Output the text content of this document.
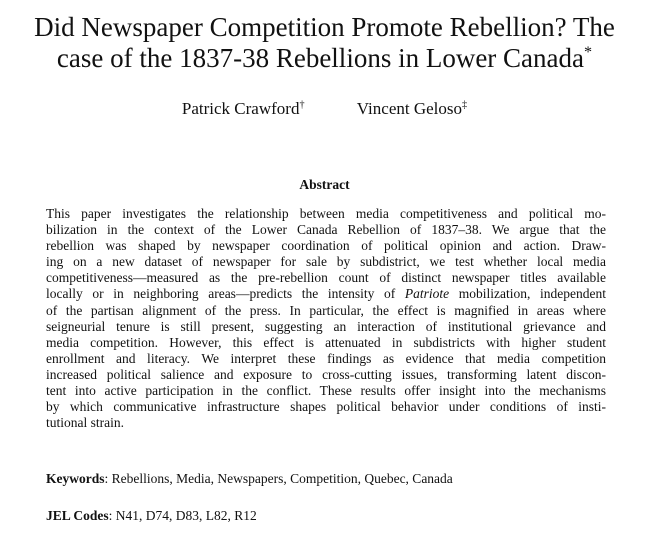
Did Newspaper Competition Promote Rebellion? The
case of the 1837-38 Rebellions in Lower Canada*
Patrick Crawford†	Vincent Geloso‡
Abstract
This paper investigates the relationship between media competitiveness and political mo-
bilization in the context of the Lower Canada Rebellion of 1837–38. We argue that the
rebellion was shaped by newspaper coordination of political opinion and action. Draw-
ing on a new dataset of newspaper for sale by subdistrict, we test whether local media
competitiveness—measured as the pre-rebellion count of distinct newspaper titles available
locally or in neighboring areas—predicts the intensity of Patriote mobilization, independent
of the partisan alignment of the press. In particular, the effect is magnified in areas where
seigneurial tenure is still present, suggesting an interaction of institutional grievance and
media competition. However, this effect is attenuated in subdistricts with higher student
enrollment and literacy. We interpret these findings as evidence that media competition
increased political salience and exposure to cross-cutting issues, transforming latent discon-
tent into active participation in the conflict. These results offer insight into the mechanisms
by which communicative infrastructure shapes political behavior under conditions of insti-
tutional strain.
Keywords: Rebellions, Media, Newspapers, Competition, Quebec, Canada
JEL Codes: N41, D74, D83, L82, R12
